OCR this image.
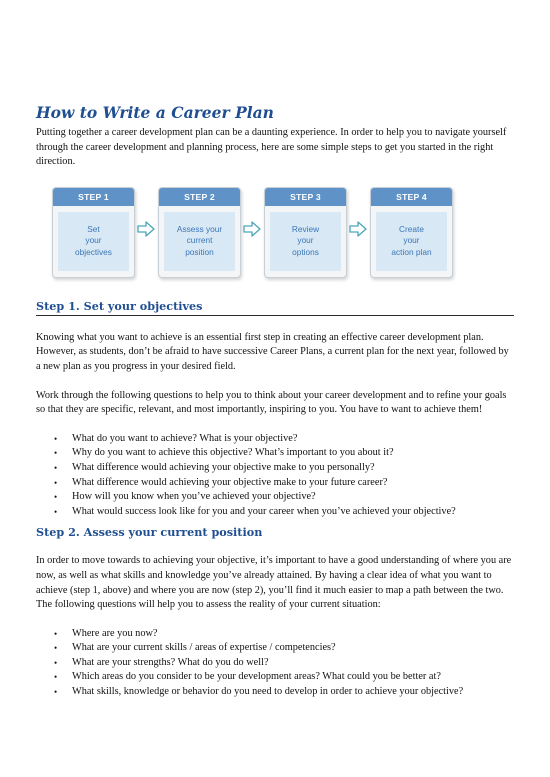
How to Write a Career Plan

Putting together a career development plan can be a daunting experience. In order to help you to navigate yourself through the career development and planning process, here are some simple steps to get you started in the right direction.

STEP 1
Set
your
objectives
STEP 2
Assess your
current
position
STEP 3
Review
your
options
STEP 4
Create
your
action plan
Step 1. Set your objectives

Knowing what you want to achieve is an essential first step in creating an effective career development plan. However, as students, don’t be afraid to have successive Career Plans, a current plan for the next year, followed by a new plan as you progress in your desired field.

Work through the following questions to help you to think about your career development and to refine your goals so that they are specific, relevant, and most importantly, inspiring to you. You have to want to achieve them!

• What do you want to achieve? What is your objective?
• Why do you want to achieve this objective? What’s important to you about it?
• What difference would achieving your objective make to you personally?
• What difference would achieving your objective make to your future career?
• How will you know when you’ve achieved your objective?
• What would success look like for you and your career when you’ve achieved your objective?
Step 2. Assess your current position

In order to move towards to achieving your objective, it’s important to have a good understanding of where you are now, as well as what skills and knowledge you’ve already attained. By having a clear idea of what you want to achieve (step 1, above) and where you are now (step 2), you’ll find it much easier to map a path between the two. The following questions will help you to assess the reality of your current situation:

• Where are you now?
• What are your current skills / areas of expertise / competencies?
• What are your strengths? What do you do well?
• Which areas do you consider to be your development areas? What could you be better at?
• What skills, knowledge or behavior do you need to develop in order to achieve your objective?
